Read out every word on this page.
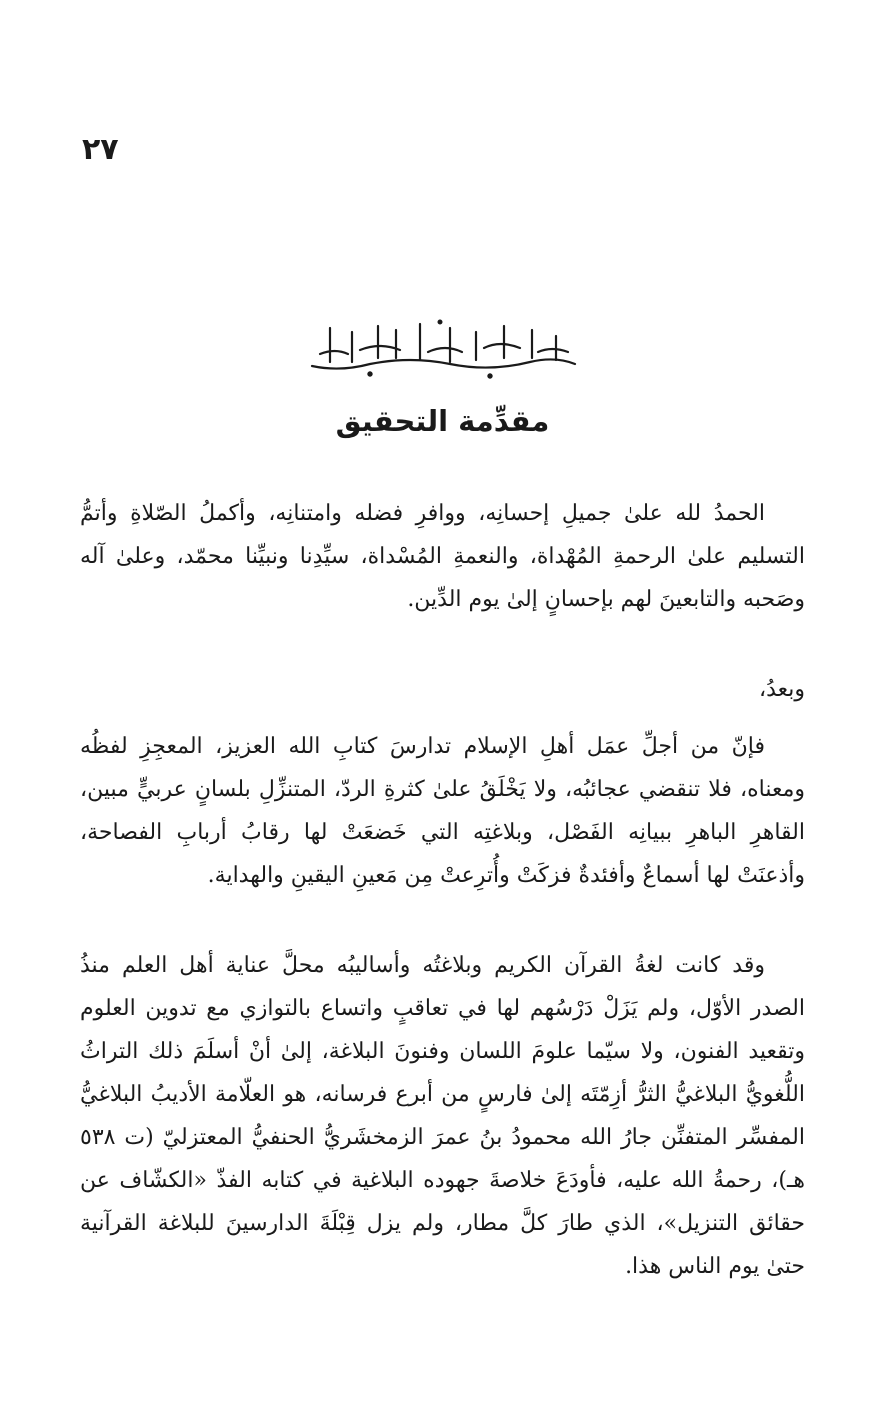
٢٧
مقدِّمة التحقيق

الحمدُ لله علىٰ جميلِ إحسانِه، ووافرِ فضله وامتنانِه، وأكملُ الصّلاةِ وأتمُّ التسليم علىٰ الرحمةِ المُهْداة، والنعمةِ المُسْداة، سيِّدِنا ونبيِّنا محمّد، وعلىٰ آله وصَحبه والتابعينَ لهم بإحسانٍ إلىٰ يوم الدِّين.

وبعدُ،

فإنّ من أجلِّ عمَل أهلِ الإسلام تدارسَ كتابِ الله العزيز، المعجِزِ لفظُه ومعناه، فلا تنقضي عجائبُه، ولا يَخْلَقُ علىٰ كثرةِ الردّ، المتنزِّلِ بلسانٍ عربيٍّ مبين، القاهرِ الباهرِ ببيانِه الفَصْل، وبلاغتِه التي خَضعَتْ لها رقابُ أربابِ الفصاحة، وأذعنَتْ لها أسماعٌ وأفئدةٌ فزكَتْ وأُترِعتْ مِن مَعينِ اليقينِ والهداية.

وقد كانت لغةُ القرآن الكريم وبلاغتُه وأساليبُه محلَّ عناية أهل العلم منذُ الصدر الأوّل، ولم يَزَلْ دَرْسُهم لها في تعاقبٍ واتساع بالتوازي مع تدوين العلوم وتقعيد الفنون، ولا سيّما علومَ اللسان وفنونَ البلاغة، إلىٰ أنْ أسلَمَ ذلك التراثُ اللُّغويُّ البلاغيُّ الثرُّ أزِمّتَه إلىٰ فارسٍ من أبرع فرسانه، هو العلّامة الأديبُ البلاغيُّ المفسِّر المتفنِّن جارُ الله محمودُ بنُ عمرَ الزمخشَريُّ الحنفيُّ المعتزليّ (ت ٥٣٨ هـ)، رحمةُ الله عليه، فأودَعَ خلاصةَ جهوده البلاغية في كتابه الفذّ «الكشّاف عن حقائق التنزيل»، الذي طارَ كلَّ مطار، ولم يزل قِبْلَةَ الدارسينَ للبلاغة القرآنية حتىٰ يوم الناس هذا.
